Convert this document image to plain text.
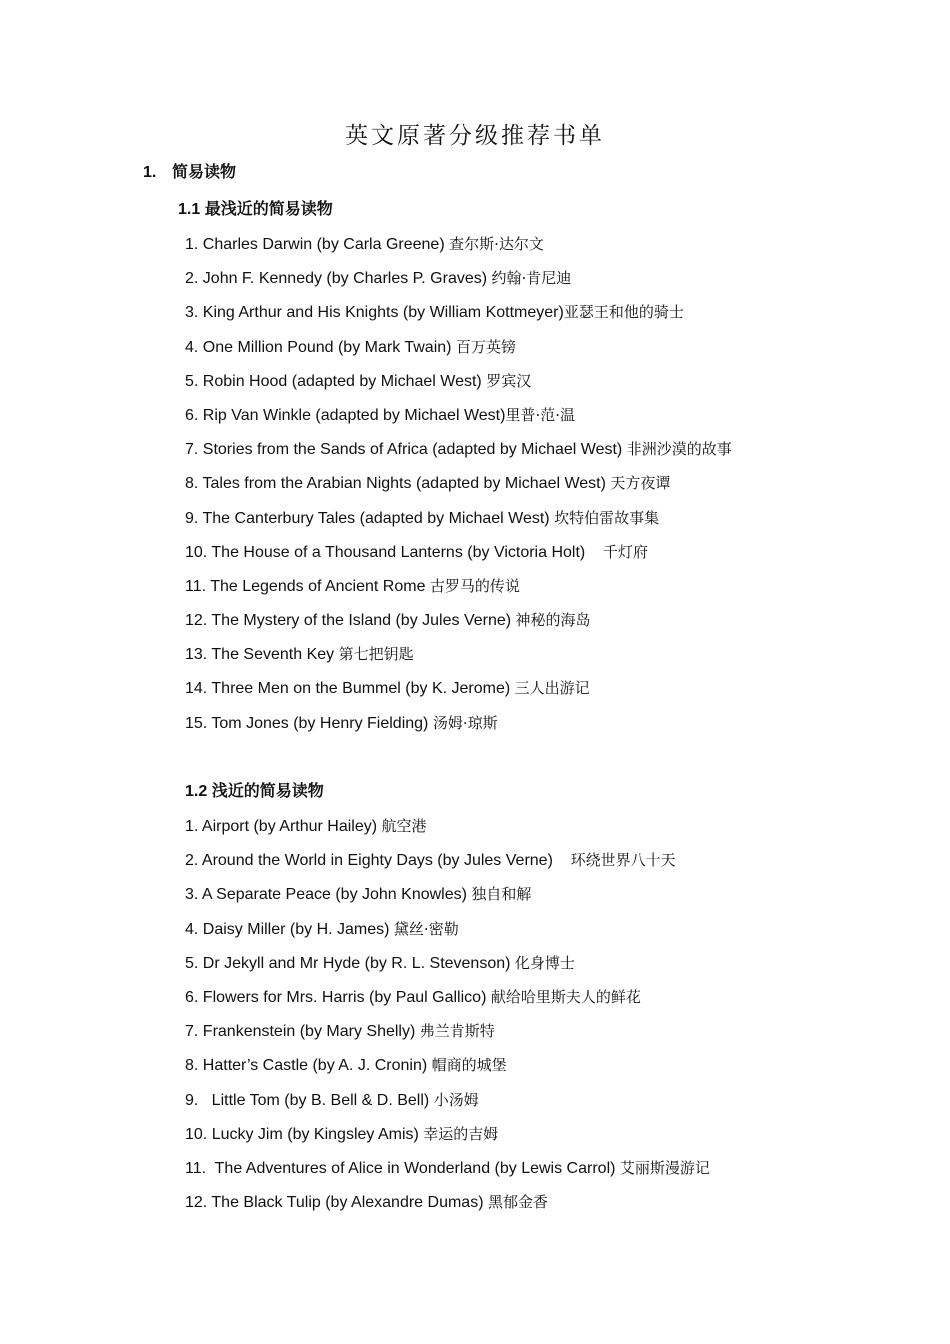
英文原著分级推荐书单
1. 简易读物
1.1 最浅近的简易读物
1. Charles Darwin (by Carla Greene) 查尔斯·达尔文
2. John F. Kennedy (by Charles P. Graves) 约翰·肯尼迪
3. King Arthur and His Knights (by William Kottmeyer)亚瑟王和他的骑士
4. One Million Pound (by Mark Twain) 百万英镑
5. Robin Hood (adapted by Michael West) 罗宾汉
6. Rip Van Winkle (adapted by Michael West)里普·范·温
7. Stories from the Sands of Africa (adapted by Michael West) 非洲沙漠的故事
8. Tales from the Arabian Nights (adapted by Michael West) 天方夜谭
9. The Canterbury Tales (adapted by Michael West) 坎特伯雷故事集
10. The House of a Thousand Lanterns (by Victoria Holt)    千灯府
11. The Legends of Ancient Rome 古罗马的传说
12. The Mystery of the Island (by Jules Verne) 神秘的海岛
13. The Seventh Key 第七把钥匙
14. Three Men on the Bummel (by K. Jerome) 三人出游记
15. Tom Jones (by Henry Fielding) 汤姆·琼斯
1.2 浅近的简易读物
1. Airport (by Arthur Hailey) 航空港
2. Around the World in Eighty Days (by Jules Verne)    环绕世界八十天
3. A Separate Peace (by John Knowles) 独自和解
4. Daisy Miller (by H. James) 黛丝·密勒
5. Dr Jekyll and Mr Hyde (by R. L. Stevenson) 化身博士
6. Flowers for Mrs. Harris (by Paul Gallico) 献给哈里斯夫人的鲜花
7. Frankenstein (by Mary Shelly) 弗兰肯斯特
8. Hatter’s Castle (by A. J. Cronin) 帽商的城堡
9.   Little Tom (by B. Bell & D. Bell) 小汤姆
10. Lucky Jim (by Kingsley Amis) 幸运的吉姆
11.  The Adventures of Alice in Wonderland (by Lewis Carrol) 艾丽斯漫游记
12. The Black Tulip (by Alexandre Dumas) 黑郁金香
